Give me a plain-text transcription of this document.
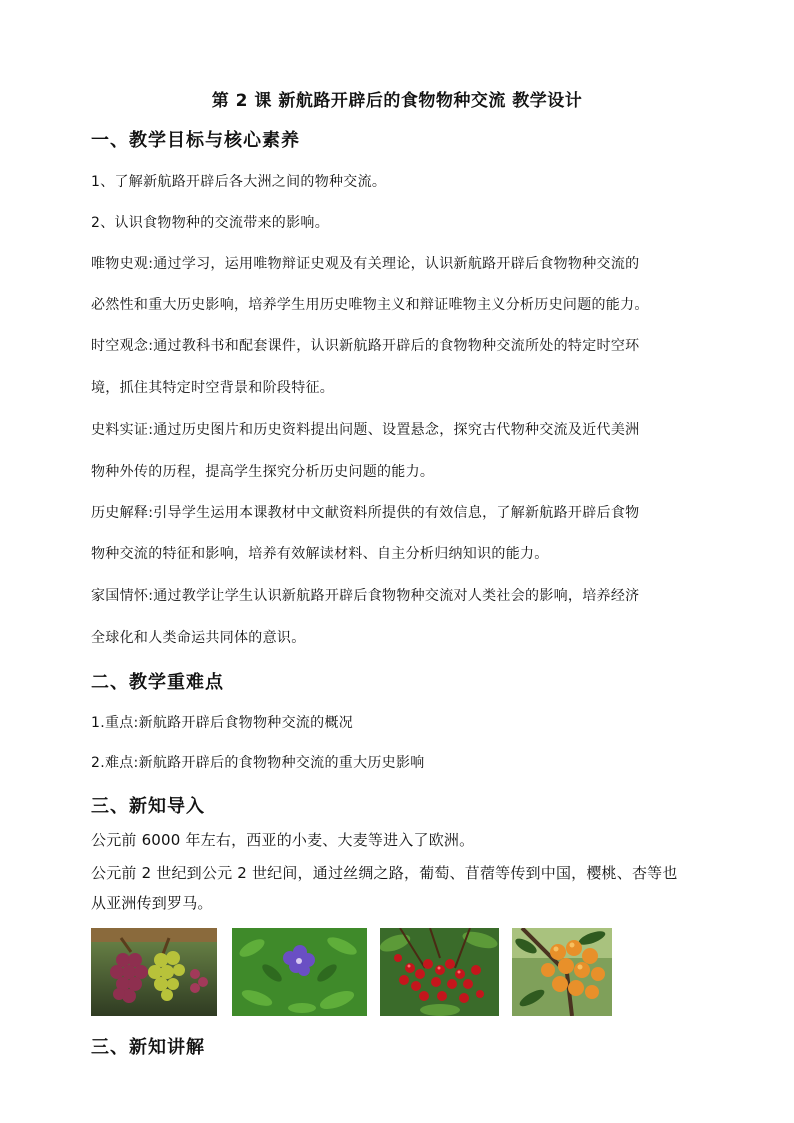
第 2 课 新航路开辟后的食物物种交流 教学设计
一、教学目标与核心素养
1、了解新航路开辟后各大洲之间的物种交流。
2、认识食物物种的交流带来的影响。
唯物史观:通过学习，运用唯物辩证史观及有关理论，认识新航路开辟后食物物种交流的
必然性和重大历史影响，培养学生用历史唯物主义和辩证唯物主义分析历史问题的能力。
时空观念:通过教科书和配套课件，认识新航路开辟后的食物物种交流所处的特定时空环
境，抓住其特定时空背景和阶段特征。
史料实证:通过历史图片和历史资料提出问题、设置悬念，探究古代物种交流及近代美洲
物种外传的历程，提高学生探究分析历史问题的能力。
历史解释:引导学生运用本课教材中文献资料所提供的有效信息，了解新航路开辟后食物
物种交流的特征和影响，培养有效解读材料、自主分析归纳知识的能力。
家国情怀:通过教学让学生认识新航路开辟后食物物种交流对人类社会的影响，培养经济
全球化和人类命运共同体的意识。
二、教学重难点
1.重点:新航路开辟后食物物种交流的概况
2.难点:新航路开辟后的食物物种交流的重大历史影响
三、新知导入
公元前 6000 年左右，西亚的小麦、大麦等进入了欧洲。
公元前 2 世纪到公元 2 世纪间，通过丝绸之路，葡萄、苜蓿等传到中国，樱桃、杏等也
从亚洲传到罗马。
三、新知讲解
